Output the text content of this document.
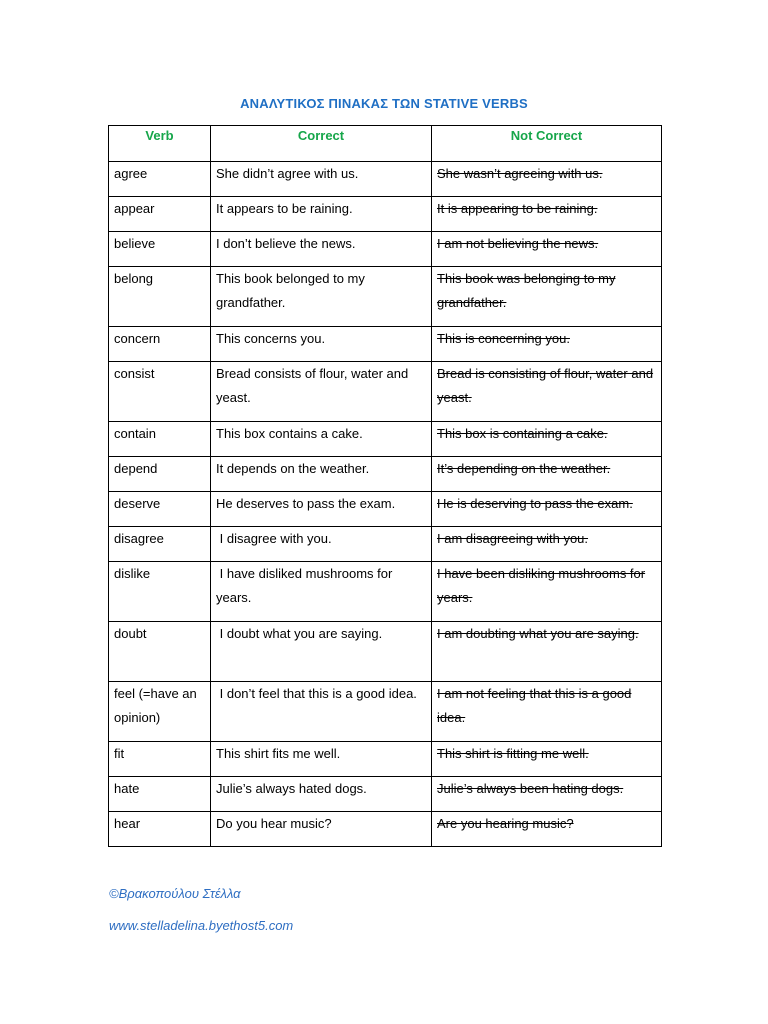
ΑΝΑΛΥΤΙΚΟΣ ΠΙΝΑΚΑΣ ΤΩΝ STATIVE VERBS
Verb	Correct	Not Correct
agree	She didn’t agree with us.	She wasn’t agreeing with us.
appear	It appears to be raining.	It is appearing to be raining.
believe	I don’t believe the news.	I am not believing the news.
belong	This book belonged to my grandfather.	This book was belonging to my grandfather.
concern	This concerns you.	This is concerning you.
consist	Bread consists of flour, water and yeast.	Bread is consisting of flour, water and yeast.
contain	This box contains a cake.	This box is containing a cake.
depend	It depends on the weather.	It’s depending on the weather.
deserve	He deserves to pass the exam.	He is deserving to pass the exam.
disagree	I disagree with you.	I am disagreeing with you.
dislike	I have disliked mushrooms for years.	I have been disliking mushrooms for years.
doubt	I doubt what you are saying.	I am doubting what you are saying.
feel (=have an opinion)	I don’t feel that this is a good idea.	I am not feeling that this is a good idea.
fit	This shirt fits me well.	This shirt is fitting me well.
hate	Julie’s always hated dogs.	Julie’s always been hating dogs.
hear	Do you hear music?	Are you hearing music?
©Βρακοπούλου Στέλλα
www.stelladelina.byethost5.com
